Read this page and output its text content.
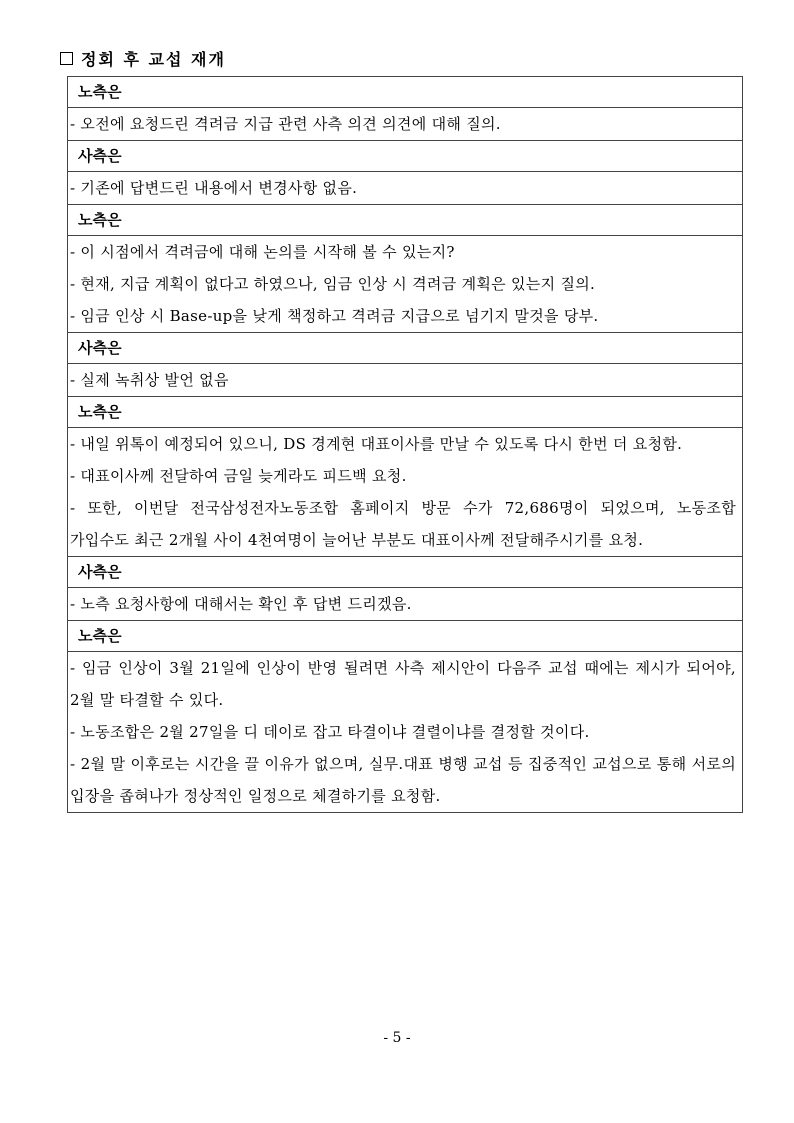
정회 후 교섭 재개
노측은

- 오전에 요청드린 격려금 지급 관련 사측 의견 의견에 대해 질의.

사측은

- 기존에 답변드린 내용에서 변경사항 없음.

노측은

- 이 시점에서 격려금에 대해 논의를 시작해 볼 수 있는지?

- 현재, 지급 계획이 없다고 하였으나, 임금 인상 시 격려금 계획은 있는지 질의.

- 임금 인상 시 Base-up을 낮게 책정하고 격려금 지급으로 넘기지 말것을 당부.

사측은

- 실제 녹취상 발언 없음

노측은

- 내일 위톡이 예정되어 있으니, DS 경계현 대표이사를 만날 수 있도록 다시 한번 더 요청함.

- 대표이사께 전달하여 금일 늦게라도 피드백 요청.

- 또한, 이번달 전국삼성전자노동조합 홈페이지 방문 수가 72,686명이 되었으며, 노동조합 가입수도 최근 2개월 사이 4천여명이 늘어난 부분도 대표이사께 전달해주시기를 요청.

사측은

- 노측 요청사항에 대해서는 확인 후 답변 드리겠음.

노측은

- 임금 인상이 3월 21일에 인상이 반영 될려면 사측 제시안이 다음주 교섭 때에는 제시가 되어야, 2월 말 타결할 수 있다.

- 노동조합은 2월 27일을 디 데이로 잡고 타결이냐 결렬이냐를 결정할 것이다.

- 2월 말 이후로는 시간을 끌 이유가 없으며, 실무.대표 병행 교섭 등 집중적인 교섭으로 통해 서로의 입장을 좁혀나가 정상적인 일정으로 체결하기를 요청함.

- 5 -
